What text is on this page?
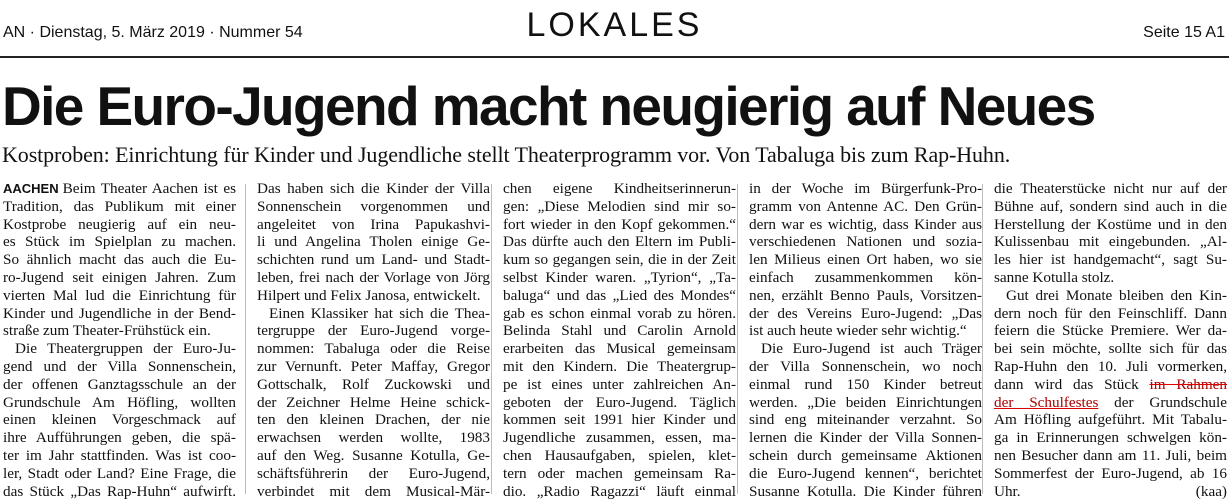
AN · Dienstag, 5. März 2019 · Nummer 54	LOKALES	Seite 15 A1
Die Euro-Jugend macht neugierig auf Neues
Kostproben: Einrichtung für Kinder und Jugendliche stellt Theaterprogramm vor. Von Tabaluga bis zum Rap-Huhn.
AACHEN Beim Theater Aachen ist es
Tradition, das Publikum mit einer
Kostprobe neugierig auf ein neu-
es Stück im Spielplan zu machen.
So ähnlich macht das auch die Eu-
ro-Jugend seit einigen Jahren. Zum
vierten Mal lud die Einrichtung für
Kinder und Jugendliche in der Bend-
straße zum Theater-Frühstück ein.
Die Theatergruppen der Euro-Ju-
gend und der Villa Sonnenschein,
der offenen Ganztagsschule an der
Grundschule Am Höfling, wollten
einen kleinen Vorgeschmack auf
ihre Aufführungen geben, die spä-
ter im Jahr stattfinden. Was ist coo-
ler, Stadt oder Land? Eine Frage, die
das Stück „Das Rap-Huhn“ aufwirft.
Das haben sich die Kinder der Villa
Sonnenschein vorgenommen und
angeleitet von Irina Papukashvi-
li und Angelina Tholen einige Ge-
schichten rund um Land- und Stadt-
leben, frei nach der Vorlage von Jörg
Hilpert und Felix Janosa, entwickelt.
Einen Klassiker hat sich die Thea-
tergruppe der Euro-Jugend vorge-
nommen: Tabaluga oder die Reise
zur Vernunft. Peter Maffay, Gregor
Gottschalk, Rolf Zuckowski und
der Zeichner Helme Heine schick-
ten den kleinen Drachen, der nie
erwachsen werden wollte, 1983
auf den Weg. Susanne Kotulla, Ge-
schäftsführerin der Euro-Jugend,
verbindet mit dem Musical-Mär-
chen eigene Kindheitserinnerun-
gen: „Diese Melodien sind mir so-
fort wieder in den Kopf gekommen.“
Das dürfte auch den Eltern im Publi-
kum so gegangen sein, die in der Zeit
selbst Kinder waren. „Tyrion“, „Ta-
baluga“ und das „Lied des Mondes“
gab es schon einmal vorab zu hören.
Belinda Stahl und Carolin Arnold
erarbeiten das Musical gemeinsam
mit den Kindern. Die Theatergrup-
pe ist eines unter zahlreichen An-
geboten der Euro-Jugend. Täglich
kommen seit 1991 hier Kinder und
Jugendliche zusammen, essen, ma-
chen Hausaufgaben, spielen, klet-
tern oder machen gemeinsam Ra-
dio. „Radio Ragazzi“ läuft einmal
in der Woche im Bürgerfunk-Pro-
gramm von Antenne AC. Den Grün-
dern war es wichtig, dass Kinder aus
verschiedenen Nationen und sozia-
len Milieus einen Ort haben, wo sie
einfach zusammenkommen kön-
nen, erzählt Benno Pauls, Vorsitzen-
der des Vereins Euro-Jugend: „Das
ist auch heute wieder sehr wichtig.“
Die Euro-Jugend ist auch Träger
der Villa Sonnenschein, wo noch
einmal rund 150 Kinder betreut
werden. „Die beiden Einrichtungen
sind eng miteinander verzahnt. So
lernen die Kinder der Villa Sonnen-
schein durch gemeinsame Aktionen
die Euro-Jugend kennen“, berichtet
Susanne Kotulla. Die Kinder führen
die Theaterstücke nicht nur auf der
Bühne auf, sondern sind auch in die
Herstellung der Kostüme und in den
Kulissenbau mit eingebunden. „Al-
les hier ist handgemacht“, sagt Su-
sanne Kotulla stolz.
Gut drei Monate bleiben den Kin-
dern noch für den Feinschliff. Dann
feiern die Stücke Premiere. Wer da-
bei sein möchte, sollte sich für das
Rap-Huhn den 10. Juli vormerken,
dann wird das Stück im Rahmen
der Schulfestes der Grundschule
Am Höfling aufgeführt. Mit Tabalu-
ga in Erinnerungen schwelgen kön-
nen Besucher dann am 11. Juli, beim
Sommerfest der Euro-Jugend, ab 16
Uhr.	(kaa)
